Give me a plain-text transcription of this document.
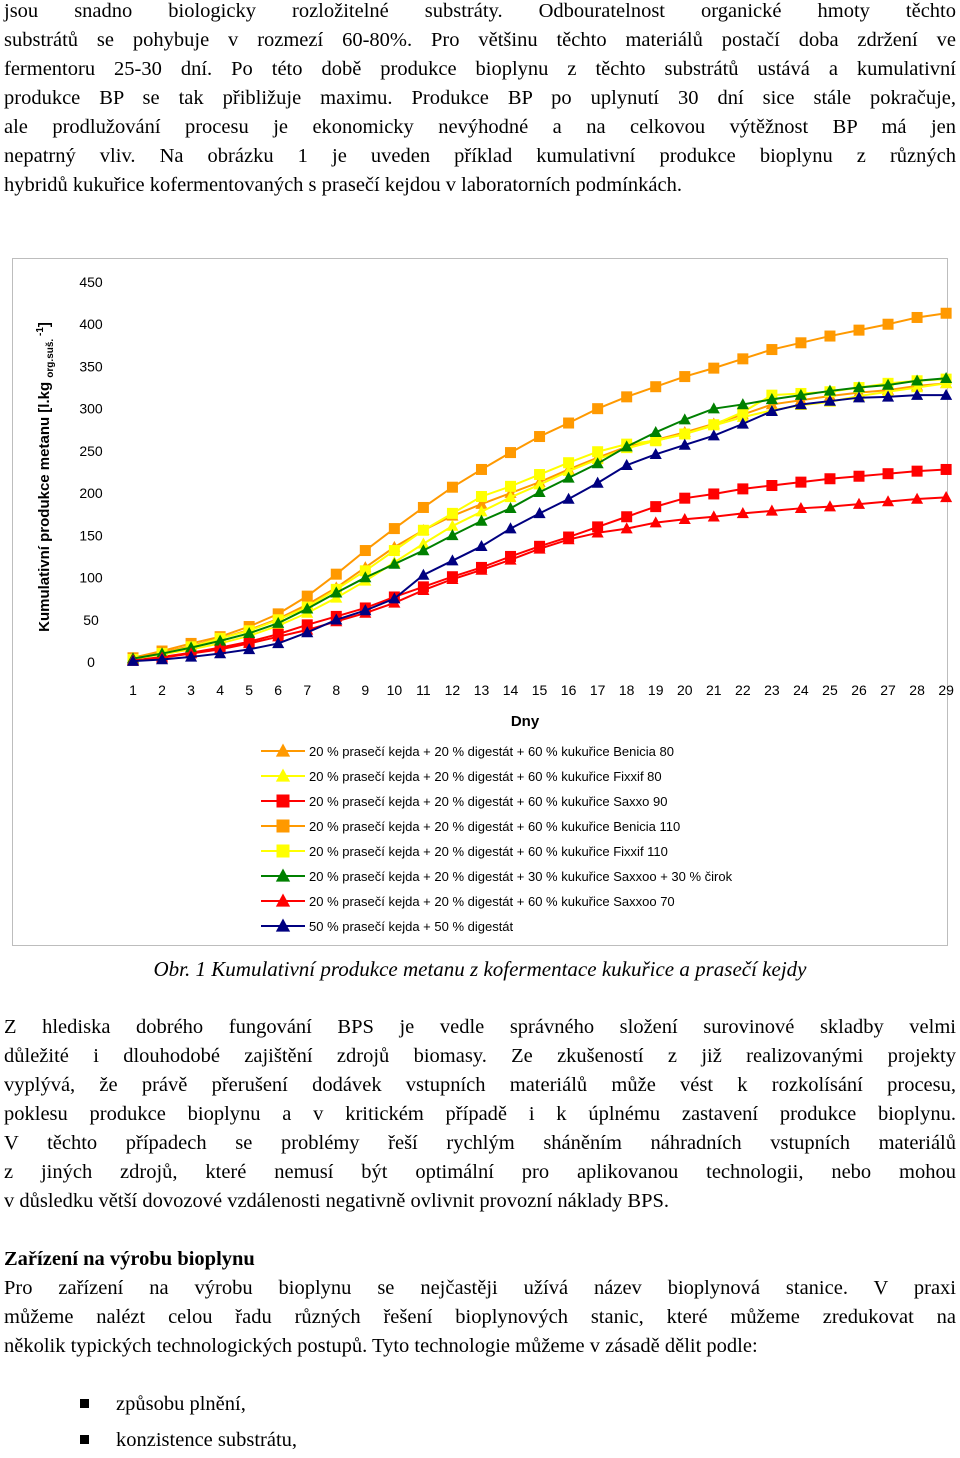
jsou snadno biologicky rozložitelné substráty. Odbouratelnost organické hmoty těchto
substrátů se pohybuje v rozmezí 60-80%. Pro většinu těchto materiálů postačí doba zdržení ve
fermentoru 25-30 dní. Po této době produkce bioplynu z těchto substrátů ustává a kumulativní
produkce BP se tak přibližuje maximu. Produkce BP po uplynutí 30 dní sice stále pokračuje,
ale prodlužování procesu je ekonomicky nevýhodné a na celkovou výtěžnost BP má jen
nepatrný vliv. Na obrázku 1 je uveden příklad kumulativní produkce bioplynu z různých
hybridů kukuřice kofermentovaných s prasečí kejdou v laboratorních podmínkách.
0
50
100
150
200
250
300
350
400
450
1 2 3 4 5 6 7 8 9 10 11 12 13 14 15 16 17 18 19 20 21 22 23 24 25 26 27 28 29
Dny
Kumulativní produkce metanu [l.kg $_{org.suš.}$ $^{-1}$]
20 % prasečí kejda + 20 % digestát + 60 % kukuřice Benicia 80
20 % prasečí kejda + 20 % digestát + 60 % kukuřice Fixxif 80
20 % prasečí kejda + 20 % digestát + 60 % kukuřice Saxxo 90
20 % prasečí kejda + 20 % digestát + 60 % kukuřice Benicia 110
20 % prasečí kejda + 20 % digestát + 60 % kukuřice Fixxif 110
20 % prasečí kejda + 20 % digestát + 30 % kukuřice Saxxoo + 30 % čirok
20 % prasečí kejda + 20 % digestát + 60 % kukuřice Saxxoo 70
50 % prasečí kejda + 50 % digestát

Obr. 1 Kumulativní produkce metanu z kofermentace kukuřice a prasečí kejdy

Z hlediska dobrého fungování BPS je vedle správného složení surovinové skladby velmi
důležité i dlouhodobé zajištění zdrojů biomasy. Ze zkušeností z již realizovanými projekty
vyplývá, že právě přerušení dodávek vstupních materiálů může vést k rozkolísání procesu,
poklesu produkce bioplynu a v kritickém případě i k úplnému zastavení produkce bioplynu.
V těchto případech se problémy řeší rychlým sháněním náhradních vstupních materiálů
z jiných zdrojů, které nemusí být optimální pro aplikovanou technologii, nebo mohou
v důsledku větší dovozové vzdálenosti negativně ovlivnit provozní náklady BPS.

Zařízení na výrobu bioplynu

Pro zařízení na výrobu bioplynu se nejčastěji užívá název bioplynová stanice. V praxi
můžeme nalézt celou řadu různých řešení bioplynových stanic, které můžeme zredukovat na
několik typických technologických postupů. Tyto technologie můžeme v zásadě dělit podle:
způsobu plnění,
konzistence substrátu,
